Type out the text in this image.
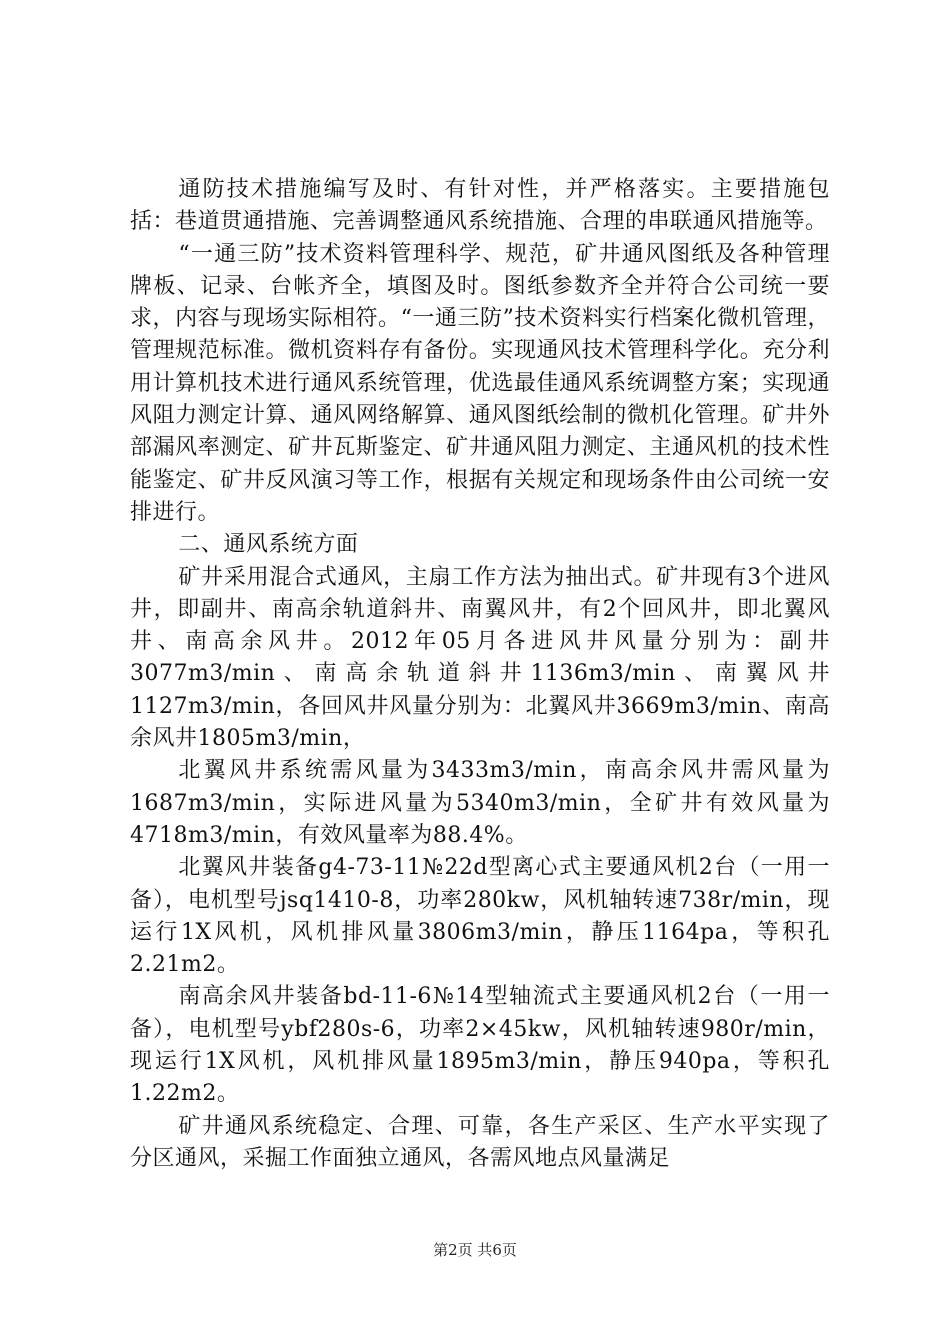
通防技术措施编写及时、有针对性，并严格落实。主要措施包括：巷道贯通措施、完善调整通风系统措施、合理的串联通风措施等。

“一通三防”技术资料管理科学、规范，矿井通风图纸及各种管理牌板、记录、台帐齐全，填图及时。图纸参数齐全并符合公司统一要求，内容与现场实际相符。“一通三防”技术资料实行档案化微机管理，管理规范标准。微机资料存有备份。实现通风技术管理科学化。充分利用计算机技术进行通风系统管理，优选最佳通风系统调整方案；实现通风阻力测定计算、通风网络解算、通风图纸绘制的微机化管理。矿井外部漏风率测定、矿井瓦斯鉴定、矿井通风阻力测定、主通风机的技术性能鉴定、矿井反风演习等工作，根据有关规定和现场条件由公司统一安排进行。

二、通风系统方面

矿井采用混合式通风，主扇工作方法为抽出式。矿井现有3个进风井，即副井、南高余轨道斜井、南翼风井，有2个回风井，即北翼风井、南高余风井。2012年05月各进风井风量分别为：副井3077m3/min、南高余轨道斜井1136m3/min、南翼风井1127m3/min，各回风井风量分别为：北翼风井3669m3/min、南高余风井1805m3/min，

北翼风井系统需风量为3433m3/min，南高余风井需风量为1687m3/min，实际进风量为5340m3/min，全矿井有效风量为4718m3/min，有效风量率为88.4%。

北翼风井装备g4-73-11№22d型离心式主要通风机2台（一用一备），电机型号jsq1410-8，功率280kw，风机轴转速738r/min，现运行1X风机，风机排风量3806m3/min，静压1164pa，等积孔2.21m2。

南高余风井装备bd-11-6№14型轴流式主要通风机2台（一用一备），电机型号ybf280s-6，功率2×45kw，风机轴转速980r/min，现运行1X风机，风机排风量1895m3/min，静压940pa，等积孔1.22m2。

矿井通风系统稳定、合理、可靠，各生产采区、生产水平实现了分区通风，采掘工作面独立通风，各需风地点风量满足

第2页 共6页
